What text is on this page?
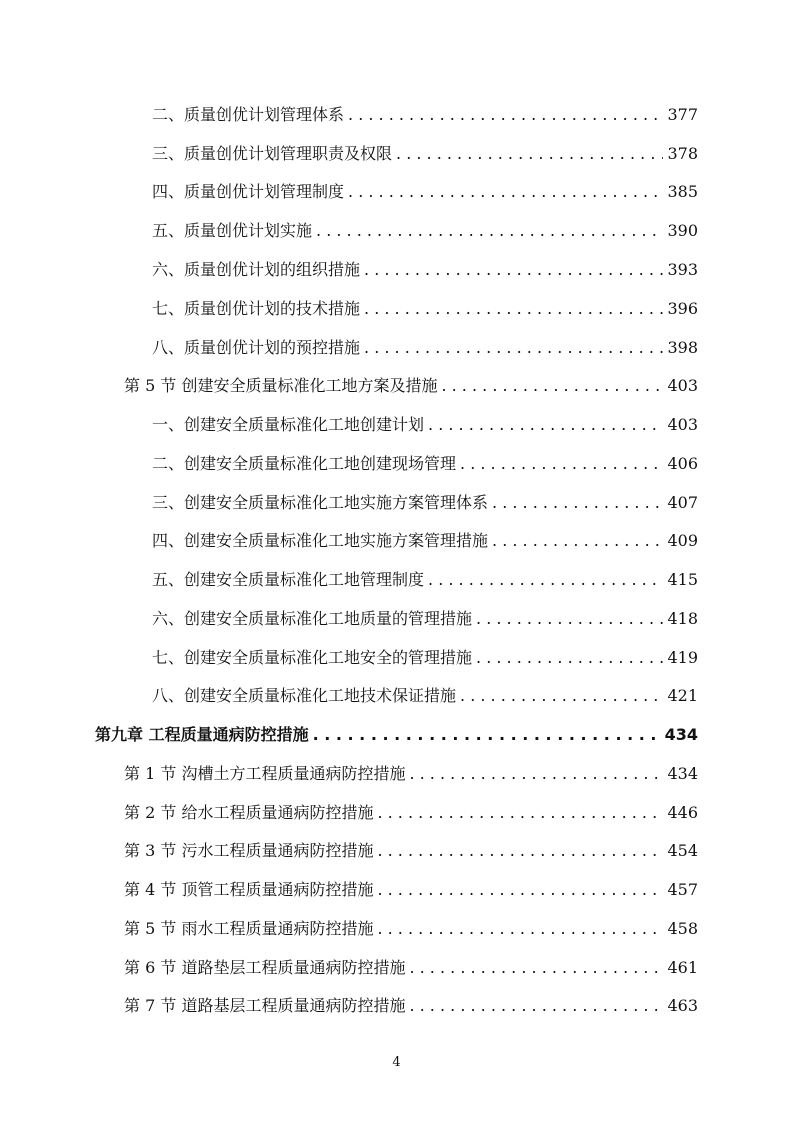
二、质量创优计划管理体系 . . .	377
三、质量创优计划管理职责及权限 . . .	378
四、质量创优计划管理制度 . . .	385
五、质量创优计划实施 . . .	390
六、质量创优计划的组织措施 . . .	393
七、质量创优计划的技术措施 . . .	396
八、质量创优计划的预控措施 . . .	398
第 5 节 创建安全质量标准化工地方案及措施 . . .	403
一、创建安全质量标准化工地创建计划 . . .	403
二、创建安全质量标准化工地创建现场管理 . . .	406
三、创建安全质量标准化工地实施方案管理体系 . . .	407
四、创建安全质量标准化工地实施方案管理措施 . . .	409
五、创建安全质量标准化工地管理制度 . . .	415
六、创建安全质量标准化工地质量的管理措施 . . .	418
七、创建安全质量标准化工地安全的管理措施 . . .	419
八、创建安全质量标准化工地技术保证措施 . . .	421
第九章 工程质量通病防控措施 . . .	434
第 1 节 沟槽土方工程质量通病防控措施 . . .	434
第 2 节 给水工程质量通病防控措施 . . .	446
第 3 节 污水工程质量通病防控措施 . . .	454
第 4 节 顶管工程质量通病防控措施 . . .	457
第 5 节 雨水工程质量通病防控措施 . . .	458
第 6 节 道路垫层工程质量通病防控措施 . . .	461
第 7 节 道路基层工程质量通病防控措施 . . .	463
4
